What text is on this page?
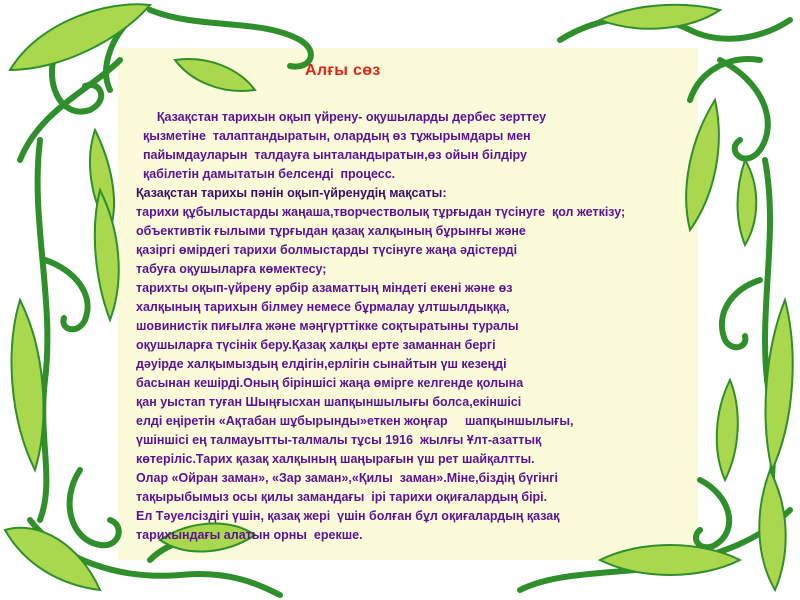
Алғы сөз
Қазақстан тарихын оқып үйрену- оқушыларды дербес зерттеу
қызметіне  талаптандыратын, олардың өз тұжырымдары мен
пайымдауларын  талдауға ынталандыратын,өз ойын білдіру
қабілетін дамытатын белсенді  процесс.
Қазақстан тарихы пәнін оқып-үйренудің мақсаты:
тарихи құбылыстарды жаңаша,творчестволық тұрғыдан түсінуге  қол жеткізу;
объективтік ғылыми тұрғыдан қазақ халқының бұрынғы және
қазіргі өмірдегі тарихи болмыстарды түсінуге жаңа әдістерді
табуға оқушыларға көмектесу;
тарихты оқып-үйрену әрбір азаматтың міндеті екені және өз
халқының тарихын білмеу немесе бұрмалау ұлтшылдыққа,
шовинистік пиғылға және мәңгүрттікке соқтыратыны туралы
оқушыларға түсінік беру.Қазақ халқы ерте заманнан бергі
дәуірде халқымыздың елдігін,ерлігін сынайтын үш кезеңді
басынан кешірді.Оның біріншісі жаңа өмірге келгенде қолына
қан уыстап туған Шыңғысхан шапқыншылығы болса,екіншісі
елді еңіретін «Ақтабан шұбырынды»еткен жоңғар     шапқыншылығы,
үшіншісі ең талмауытты-талмалы тұсы 1916  жылғы Ұлт-азаттық
көтеріліс.Тарих қазақ халқының шаңырағын үш рет шайқалтты.
Олар «Ойран заман», «Зар заман»,«Қилы  заман».Міне,біздің бүгінгі
тақырыбымыз осы қилы замандағы  ірі тарихи оқиғалардың бірі.
Ел Тәуелсіздігі үшін, қазақ жері  үшін болған бұл оқиғалардың қазақ
тарихындағы алатын орны  ерекше.
